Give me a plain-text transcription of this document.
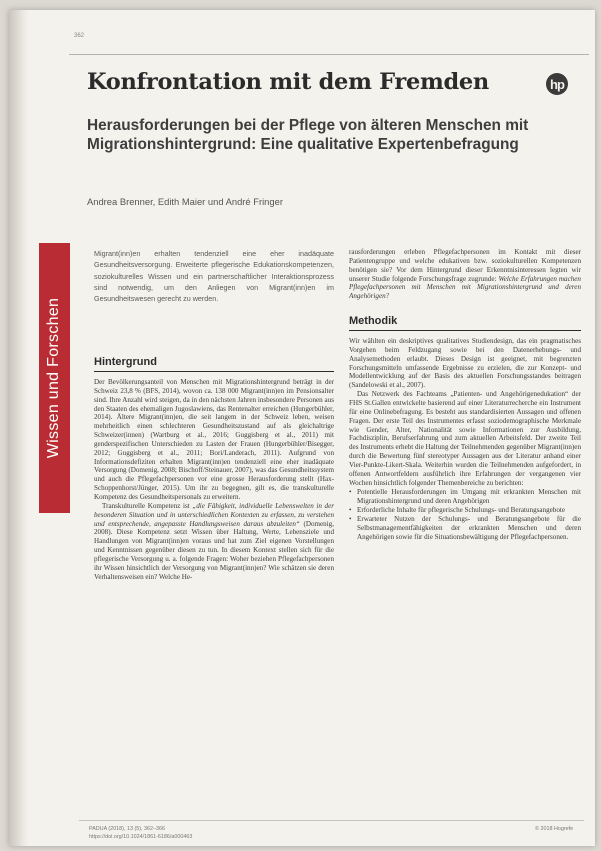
362
Konfrontation mit dem Fremden	hp
Herausforderungen bei der Pflege von älteren Menschen mit Migrationshintergrund: Eine qualitative Expertenbefragung
Andrea Brenner, Edith Maier und André Fringer
Wissen und Forschen
Migrant(inn)en erhalten tendenziell eine eher inadäquate Gesundheitsversorgung. Erweiterte pflegerische Edukationskompetenzen, soziokulturelles Wissen und ein partnerschaftlicher Interaktionsprozess sind notwendig, um den Anliegen von Migrant(inn)en im Gesundheitswesen gerecht zu werden.
Hintergrund

Der Bevölkerungsanteil von Menschen mit Migrationshintergrund beträgt in der Schweiz 23,8 % (BFS, 2014), wovon ca. 138 000 Migrant(inn)en im Pensionsalter sind. Ihre Anzahl wird steigen, da in den nächsten Jahren insbesondere Personen aus den Staaten des ehemaligen Jugoslawiens, das Rentenalter erreichen (Hungerbühler, 2014). Ältere Migrant(inn)en, die seit langem in der Schweiz leben, weisen mehrheitlich einen schlechteren Gesundheitszustand auf als gleichaltrige Schweizer(innen) (Wartburg et al., 2016; Guggisberg et al., 2011) mit genderspezifischen Unterschieden zu Lasten der Frauen (Hungerbühler/Bisegger, 2012; Guggisberg et al., 2011; Bori/Landerach, 2011). Aufgrund von Informationsdefiziten erhalten Migrant(inn)en tendenziell eine eher inadäquate Versorgung (Domenig, 2008; Bischoff/Steinauer, 2007), was das Gesundheitssystem und auch die Pflegefachpersonen vor eine grosse Herausforderung stellt (Hax-Schoppenhorst/Jünger, 2015). Um ihr zu begegnen, gilt es, die transkulturelle Kompetenz des Gesundheitspersonals zu erweitern.

Transkulturelle Kompetenz ist „die Fähigkeit, individuelle Lebenswelten in der besonderen Situation und in unterschiedlichen Kontexten zu erfassen, zu verstehen und entsprechende, angepasste Handlungsweisen daraus abzuleiten“ (Domenig, 2008). Diese Kompetenz setzt Wissen über Haltung, Werte, Lebensziele und Handlungen von Migrant(inn)en voraus und hat zum Ziel eigenen Vorstellungen und Kenntnissen gegenüber diesen zu tun. In diesem Kontext stellen sich für die pflegerische Versorgung u. a. folgende Fragen: Woher beziehen Pflegefachpersonen ihr Wissen hinsichtlich der Versorgung von Migrant(inn)en? Wie schätzen sie deren Verhaltensweisen ein? Welche He-

rausforderungen erleben Pflegefachpersonen im Kontakt mit dieser Patientengruppe und welche edukativen bzw. soziokulturellen Kompetenzen benötigen sie? Vor dem Hintergrund dieser Erkenntnisinteressen legten wir unserer Studie folgende Forschungsfrage zugrunde: Welche Erfahrungen machen Pflegefachpersonen mit Menschen mit Migrationshintergrund und deren Angehörigen?

Methodik

Wir wählten ein deskriptives qualitatives Studiendesign, das ein pragmatisches Vorgehen beim Feldzugang sowie bei den Datenerhebungs- und Analysemethoden erlaubt. Dieses Design ist geeignet, mit begrenzten Forschungsmitteln umfassende Ergebnisse zu erzielen, die zur Konzept- und Modellentwicklung auf der Basis des aktuellen Forschungsstandes beitragen (Sandelowski et al., 2007).

Das Netzwerk des Fachteams „Patienten- und Angehörigenedukation“ der FHS St.Gallen entwickelte basierend auf einer Literaturrecherche ein Instrument für eine Onlinebefragung. Es besteht aus standardisierten Aussagen und offenen Fragen. Der erste Teil des Instrumentes erfasst soziodemographische Merkmale wie Gender, Alter, Nationalität sowie Informationen zur Ausbildung, Fachdisziplin, Berufserfahrung und zum aktuellen Arbeitsfeld. Der zweite Teil des Instruments erhebt die Haltung der Teilnehmenden gegenüber Migrant(inn)en durch die Bewertung fünf stereotyper Aussagen aus der Literatur anhand einer Vier-Punkte-Likert-Skala. Weiterhin wurden die Teilnehmenden aufgefordert, in offenen Antwortfeldern ausführlich ihre Erfahrungen der vergangenen vier Wochen hinsichtlich folgender Themenbereiche zu berichten:

• Potentielle Herausforderungen im Umgang mit erkrankten Menschen mit Migrationshintergrund und deren Angehörigen
• Erforderliche Inhalte für pflegerische Schulungs- und Beratungsangebote
• Erwarteter Nutzen der Schulungs- und Beratungsangebote für die Selbstmanagementfähigkeiten der erkrankten Menschen und deren Angehörigen sowie für die Situationsbewältigung der Pflegefachpersonen.
PADUA (2018), 13 (5), 362–366
https://doi.org/10.1024/1861-6186/a000463
© 2018 Hogrefe
